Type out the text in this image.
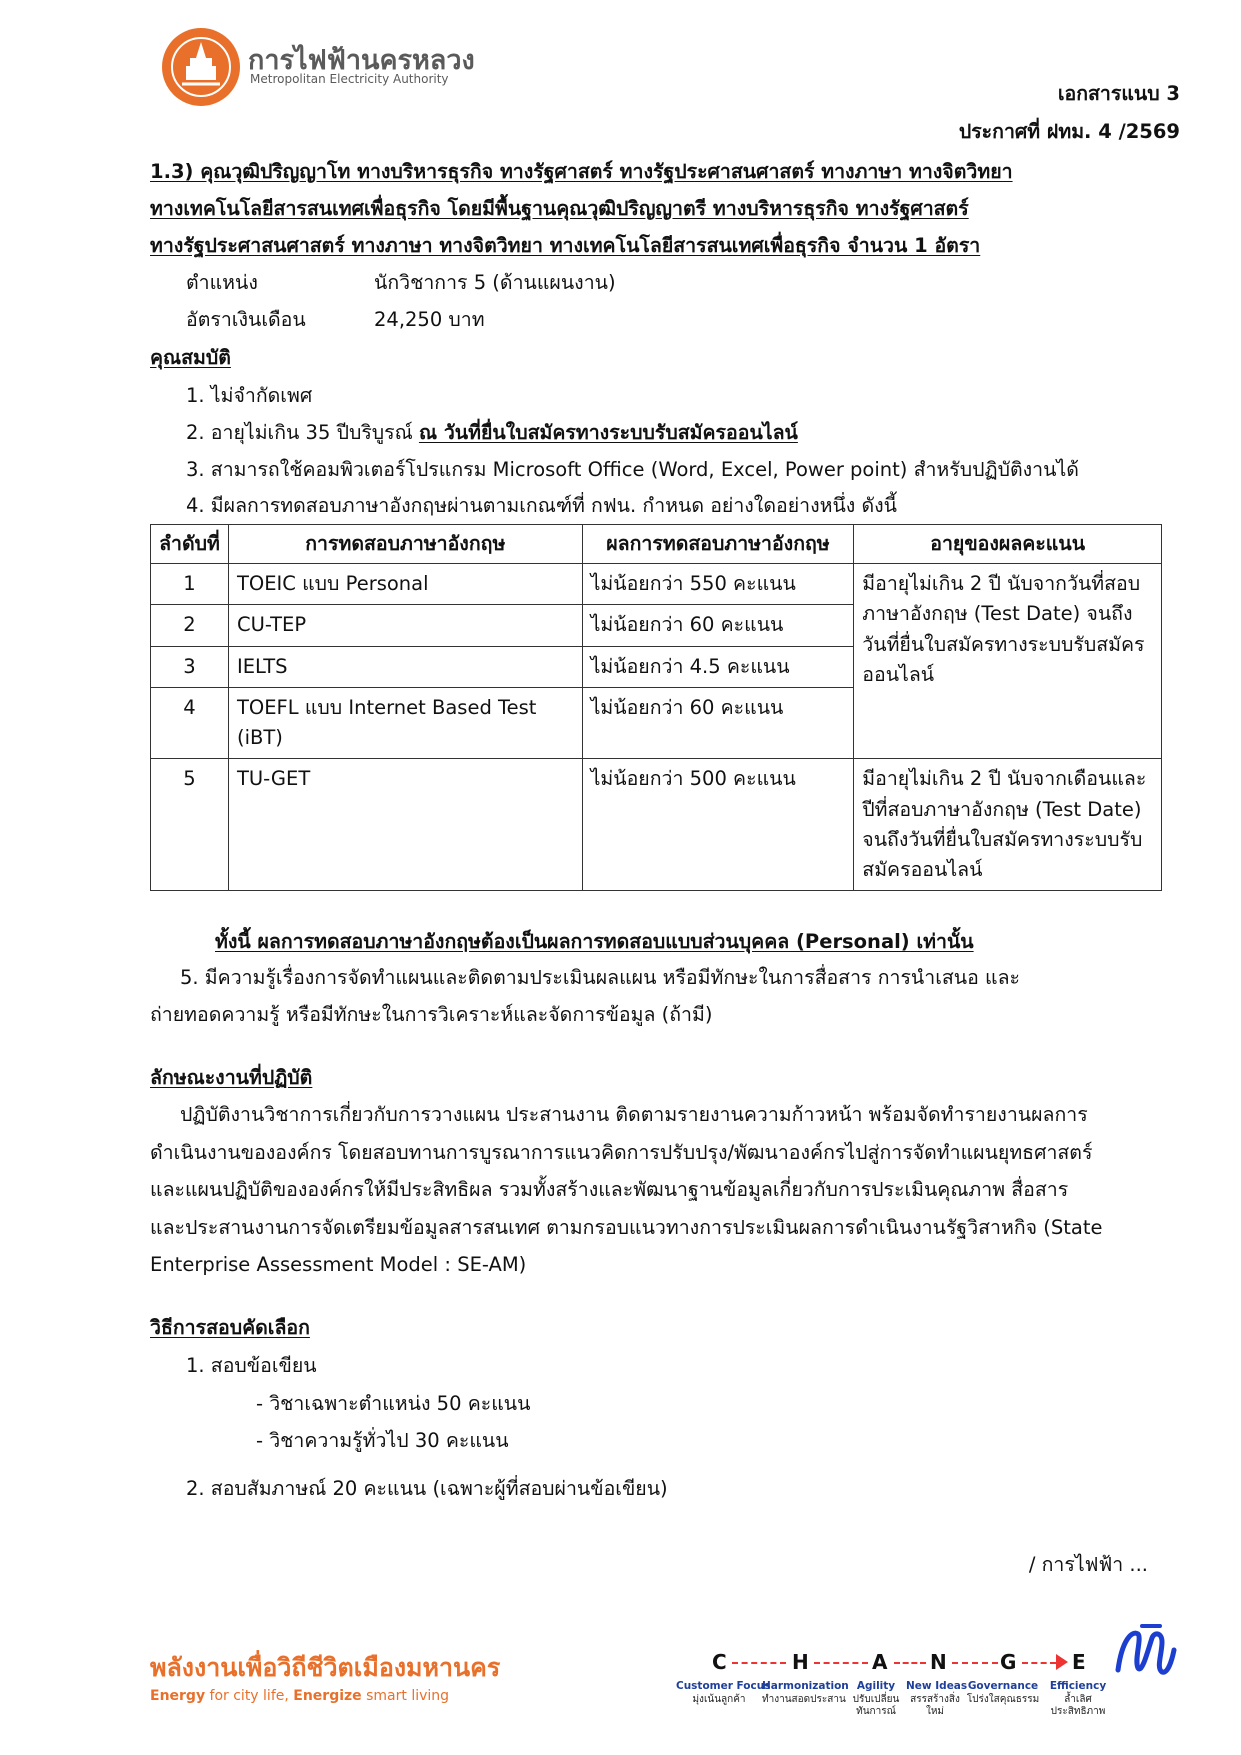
การไฟฟ้านครหลวง
Metropolitan Electricity Authority
เอกสารแนบ 3
ประกาศที่ ฝทม. 4 /2569
1.3) คุณวุฒิปริญญาโท ทางบริหารธุรกิจ ทางรัฐศาสตร์ ทางรัฐประศาสนศาสตร์ ทางภาษา ทางจิตวิทยา
ทางเทคโนโลยีสารสนเทศเพื่อธุรกิจ โดยมีพื้นฐานคุณวุฒิปริญญาตรี ทางบริหารธุรกิจ ทางรัฐศาสตร์
ทางรัฐประศาสนศาสตร์ ทางภาษา ทางจิตวิทยา ทางเทคโนโลยีสารสนเทศเพื่อธุรกิจ จำนวน 1 อัตรา
ตำแหน่ง	นักวิชาการ 5 (ด้านแผนงาน)
อัตราเงินเดือน	24,250 บาท
คุณสมบัติ
1. ไม่จำกัดเพศ
2. อายุไม่เกิน 35 ปีบริบูรณ์ ณ วันที่ยื่นใบสมัครทางระบบรับสมัครออนไลน์
3. สามารถใช้คอมพิวเตอร์โปรแกรม Microsoft Office (Word, Excel, Power point) สำหรับปฏิบัติงานได้
4. มีผลการทดสอบภาษาอังกฤษผ่านตามเกณฑ์ที่ กฟน. กำหนด อย่างใดอย่างหนึ่ง ดังนี้
ลำดับที่	การทดสอบภาษาอังกฤษ	ผลการทดสอบภาษาอังกฤษ	อายุของผลคะแนน
1	TOEIC แบบ Personal	ไม่น้อยกว่า 550 คะแนน	มีอายุไม่เกิน 2 ปี นับจากวันที่สอบภาษาอังกฤษ (Test Date) จนถึงวันที่ยื่นใบสมัครทางระบบรับสมัครออนไลน์
2	CU-TEP	ไม่น้อยกว่า 60 คะแนน	
3	IELTS	ไม่น้อยกว่า 4.5 คะแนน	
4	TOEFL แบบ Internet Based Test (iBT)	ไม่น้อยกว่า 60 คะแนน	
5	TU-GET	ไม่น้อยกว่า 500 คะแนน	มีอายุไม่เกิน 2 ปี นับจากเดือนและปีที่สอบภาษาอังกฤษ (Test Date) จนถึงวันที่ยื่นใบสมัครทางระบบรับสมัครออนไลน์
ทั้งนี้ ผลการทดสอบภาษาอังกฤษต้องเป็นผลการทดสอบแบบส่วนบุคคล (Personal) เท่านั้น
5. มีความรู้เรื่องการจัดทำแผนและติดตามประเมินผลแผน หรือมีทักษะในการสื่อสาร การนำเสนอ และ
ถ่ายทอดความรู้ หรือมีทักษะในการวิเคราะห์และจัดการข้อมูล (ถ้ามี)
ลักษณะงานที่ปฏิบัติ
ปฏิบัติงานวิชาการเกี่ยวกับการวางแผน ประสานงาน ติดตามรายงานความก้าวหน้า พร้อมจัดทำรายงานผลการ
ดำเนินงานขององค์กร โดยสอบทานการบูรณาการแนวคิดการปรับปรุง/พัฒนาองค์กรไปสู่การจัดทำแผนยุทธศาสตร์
และแผนปฏิบัติขององค์กรให้มีประสิทธิผล รวมทั้งสร้างและพัฒนาฐานข้อมูลเกี่ยวกับการประเมินคุณภาพ สื่อสาร
และประสานงานการจัดเตรียมข้อมูลสารสนเทศ ตามกรอบแนวทางการประเมินผลการดำเนินงานรัฐวิสาหกิจ (State
Enterprise Assessment Model : SE-AM)
วิธีการสอบคัดเลือก
1. สอบข้อเขียน
- วิชาเฉพาะตำแหน่ง 50 คะแนน
- วิชาความรู้ทั่วไป 30 คะแนน
2. สอบสัมภาษณ์ 20 คะแนน (เฉพาะผู้ที่สอบผ่านข้อเขียน)
/ การไฟฟ้า ...
พลังงานเพื่อวิถีชีวิตเมืองมหานคร
Energy for city life, Energize smart living
C	H	A N	G	E
Customer Focus
มุ่งเน้นลูกค้า
Harmonization
ทำงานสอดประสาน
Agility
ปรับเปลี่ยนทันการณ์
New Ideas
สรรสร้างสิ่งใหม่
Governance
โปร่งใสคุณธรรม
Efficiency
ล้ำเลิศประสิทธิภาพ
